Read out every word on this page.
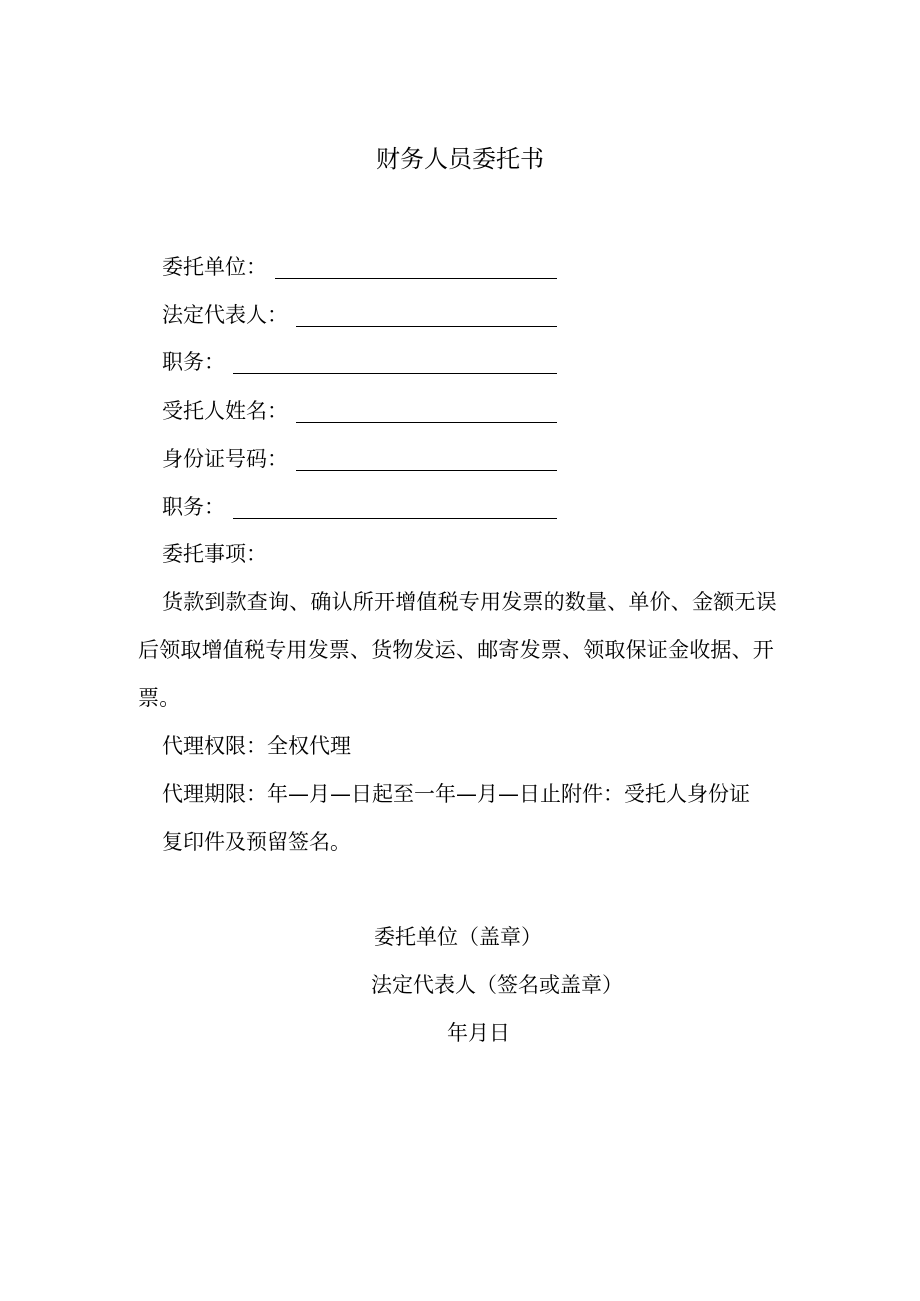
财务人员委托书
委托单位：
法定代表人：
职务：
受托人姓名：
身份证号码：
职务：
委托事项：
货款到款查询、确认所开增值税专用发票的数量、单价、金额无误后领取增值税专用发票、货物发运、邮寄发票、领取保证金收据、开票。
代理权限：全权代理
代理期限：年—月—日起至一年—月—日止附件：受托人身份证
复印件及预留签名。
委托单位（盖章）
法定代表人（签名或盖章）
年月日
